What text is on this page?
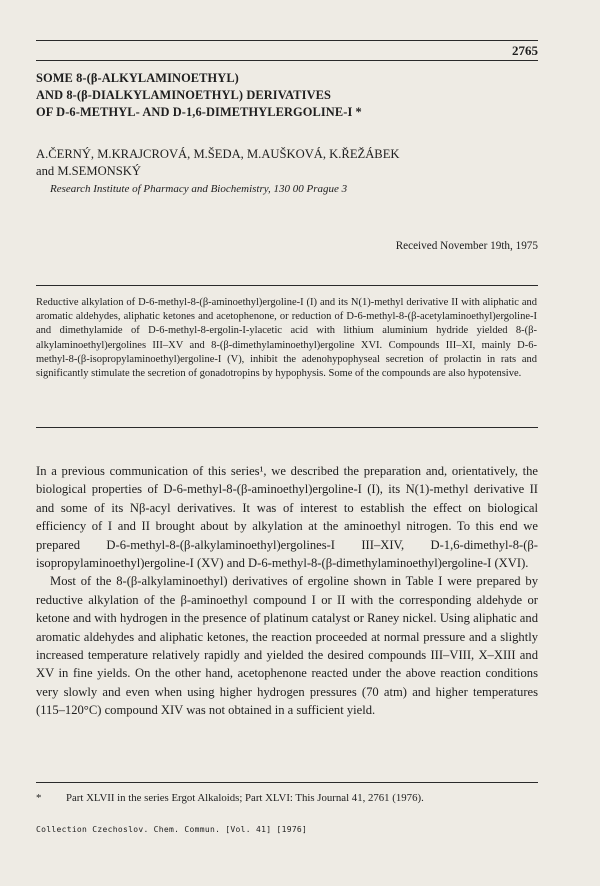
2765
SOME 8-(β-ALKYLAMINOETHYL)
AND 8-(β-DIALKYLAMINOETHYL) DERIVATIVES
OF D-6-METHYL- AND D-1,6-DIMETHYLERGOLINE-I *
A.ČERNÝ, M.KRAJCROVÁ, M.ŠEDA, M.AUŠKOVÁ, K.ŘEŽÁBEK
and M.SEMONSKÝ
Research Institute of Pharmacy and Biochemistry, 130 00 Prague 3
Received November 19th, 1975

Reductive alkylation of D-6-methyl-8-(β-aminoethyl)ergoline-I (I) and its N(1)-methyl derivative II with aliphatic and aromatic aldehydes, aliphatic ketones and acetophenone, or reduction of D-6-methyl-8-(β-acetylaminoethyl)ergoline-I and dimethylamide of D-6-methyl-8-ergolin-I-ylacetic acid with lithium aluminium hydride yielded 8-(β-alkylaminoethyl)ergolines III–XV and 8-(β-dimethylaminoethyl)ergoline XVI. Compounds III–XI, mainly D-6-methyl-8-(β-isopropylaminoethyl)ergoline-I (V), inhibit the adenohypophyseal secretion of prolactin in rats and significantly stimulate the secretion of gonadotropins by hypophysis. Some of the compounds are also hypotensive.

In a previous communication of this series¹, we described the preparation and, orientatively, the biological properties of D-6-methyl-8-(β-aminoethyl)ergoline-I (I), its N(1)-methyl derivative II and some of its Nβ-acyl derivatives. It was of interest to establish the effect on biological efficiency of I and II brought about by alkylation at the aminoethyl nitrogen. To this end we prepared D-6-methyl-8-(β-alkylaminoethyl)ergolines-I III–XIV, D-1,6-dimethyl-8-(β-isopropylaminoethyl)ergoline-I (XV) and D-6-methyl-8-(β-dimethylaminoethyl)ergoline-I (XVI).

Most of the 8-(β-alkylaminoethyl) derivatives of ergoline shown in Table I were prepared by reductive alkylation of the β-aminoethyl compound I or II with the corresponding aldehyde or ketone and with hydrogen in the presence of platinum catalyst or Raney nickel. Using aliphatic and aromatic aldehydes and aliphatic ketones, the reaction proceeded at normal pressure and a slightly increased temperature relatively rapidly and yielded the desired compounds III–VIII, X–XIII and XV in fine yields. On the other hand, acetophenone reacted under the above reaction conditions very slowly and even when using higher hydrogen pressures (70 atm) and higher temperatures (115–120°C) compound XIV was not obtained in a sufficient yield.

* Part XLVII in the series Ergot Alkaloids; Part XLVI: This Journal 41, 2761 (1976).
Collection Czechoslov. Chem. Commun. [Vol. 41] [1976]
